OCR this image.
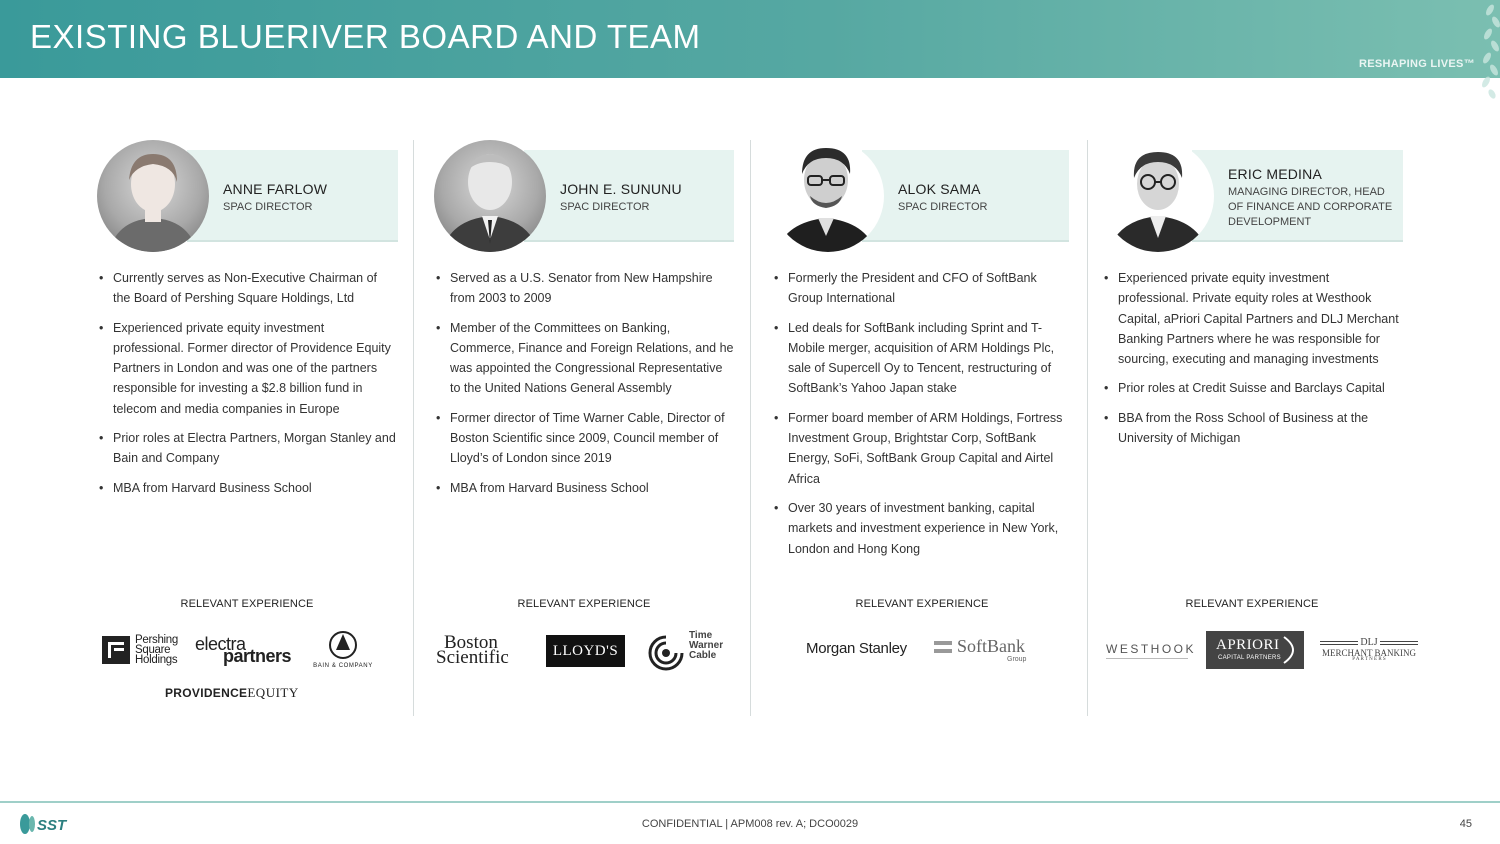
EXISTING BLUERIVER BOARD AND TEAM
RESHAPING LIVES™
ANNE FARLOW
SPAC DIRECTOR
• Currently serves as Non-Executive Chairman of the Board of Pershing Square Holdings, Ltd
• Experienced private equity investment professional. Former director of Providence Equity Partners in London and was one of the partners responsible for investing a $2.8 billion fund in telecom and media companies in Europe
• Prior roles at Electra Partners, Morgan Stanley and Bain and Company
• MBA from Harvard Business School
RELEVANT EXPERIENCE
Pershing
Square
Holdings
electra
partners	BAIN & COMPANY
PROVIDENCEEQUITY
JOHN E. SUNUNU
SPAC DIRECTOR
• Served as a U.S. Senator from New Hampshire from 2003 to 2009
• Member of the Committees on Banking, Commerce, Finance and Foreign Relations, and he was appointed the Congressional Representative to the United Nations General Assembly
• Former director of Time Warner Cable, Director of Boston Scientific since 2009, Council member of Lloyd’s of London since 2019
• MBA from Harvard Business School
RELEVANT EXPERIENCE
Boston
Scientific	LLOYD'S
Time
Warner
Cable
ALOK SAMA
SPAC DIRECTOR
• Formerly the President and CFO of SoftBank Group International
• Led deals for SoftBank including Sprint and T-Mobile merger, acquisition of ARM Holdings Plc, sale of Supercell Oy to Tencent, restructuring of SoftBank’s Yahoo Japan stake
• Former board member of ARM Holdings, Fortress Investment Group, Brightstar Corp, SoftBank Energy, SoFi, SoftBank Group Capital and Airtel Africa
• Over 30 years of investment banking, capital markets and investment experience in New York, London and Hong Kong
RELEVANT EXPERIENCE
Morgan Stanley	SoftBank
Group
ERIC MEDINA
MANAGING DIRECTOR, HEAD OF FINANCE AND CORPORATE DEVELOPMENT
• Experienced private equity investment professional. Private equity roles at Westhook Capital, aPriori Capital Partners and DLJ Merchant Banking Partners where he was responsible for sourcing, executing and managing investments
• Prior roles at Credit Suisse and Barclays Capital
• BBA from the Ross School of Business at the University of Michigan
RELEVANT EXPERIENCE
WESTHOOK APRIORI
CAPITAL PARTNERS
DLJ
MERCHANT BANKING
P A R T N E R S
SST	CONFIDENTIAL | APM008 rev. A; DCO0029	45
